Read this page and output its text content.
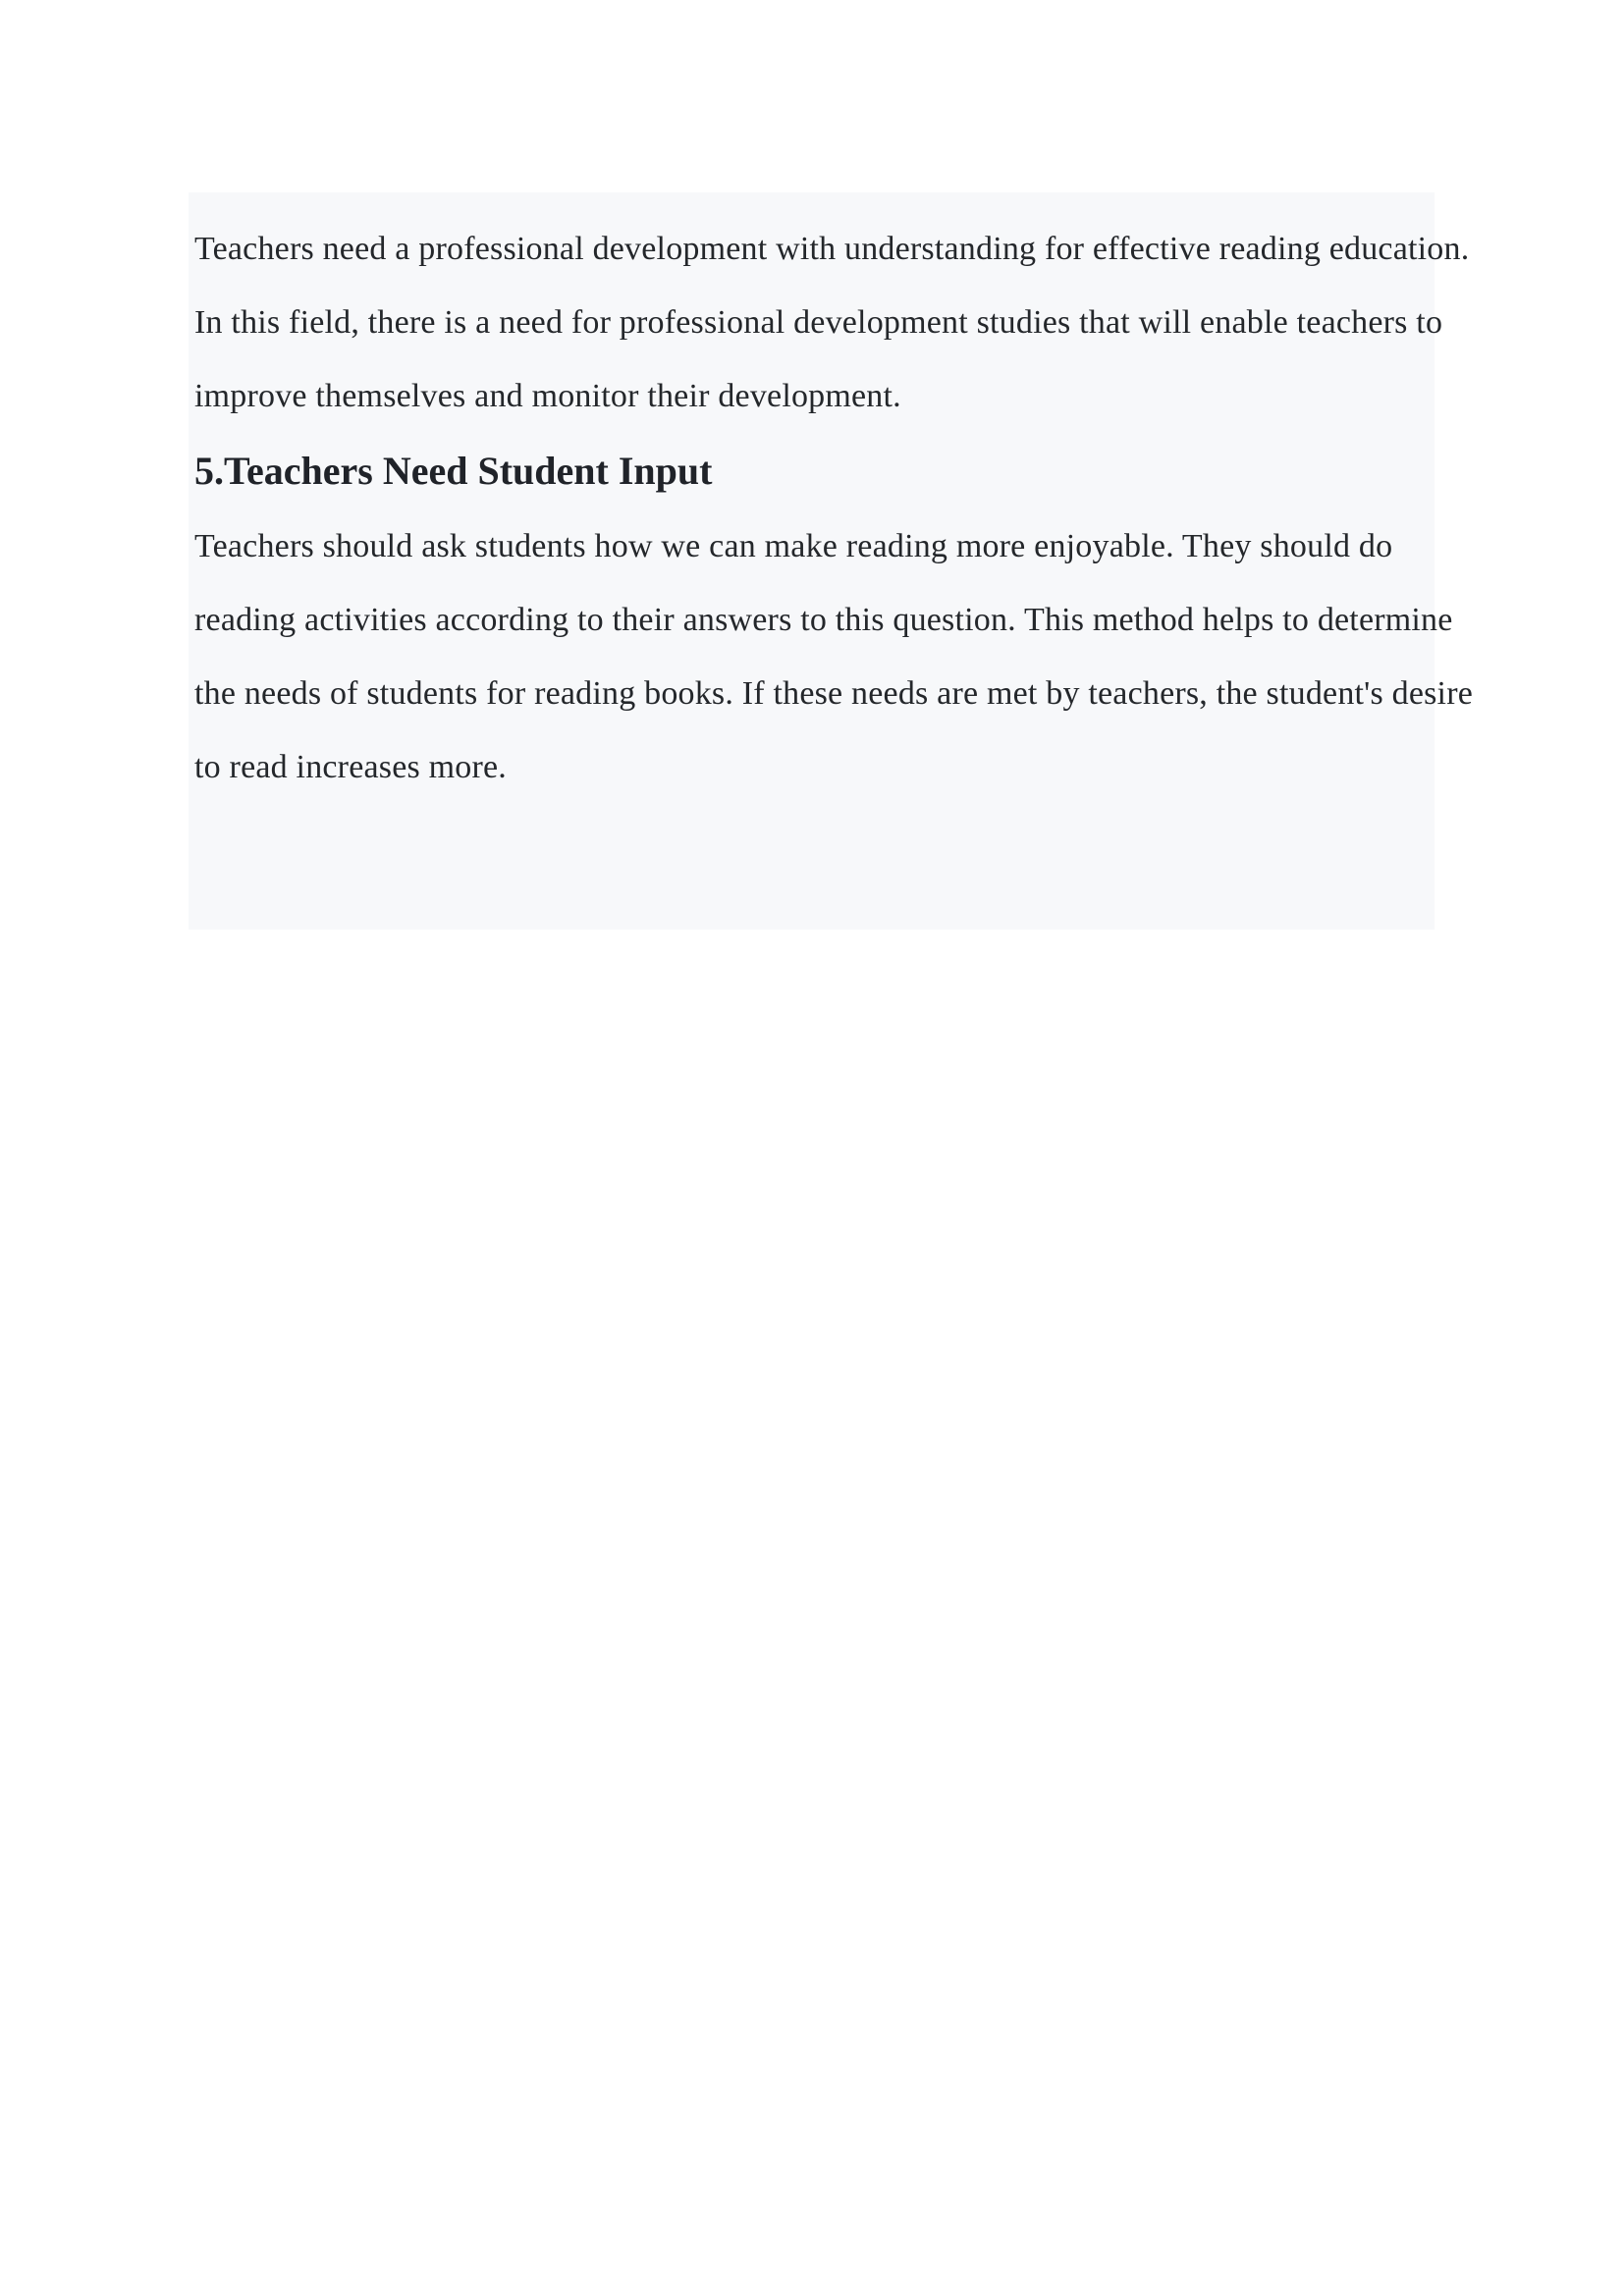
Teachers need a professional development with understanding for effective reading education.
In this field, there is a need for professional development studies that will enable teachers to
improve themselves and monitor their development.

5.Teachers Need Student Input

Teachers should ask students how we can make reading more enjoyable. They should do
reading activities according to their answers to this question. This method helps to determine
the needs of students for reading books. If these needs are met by teachers, the student's desire
to read increases more.
